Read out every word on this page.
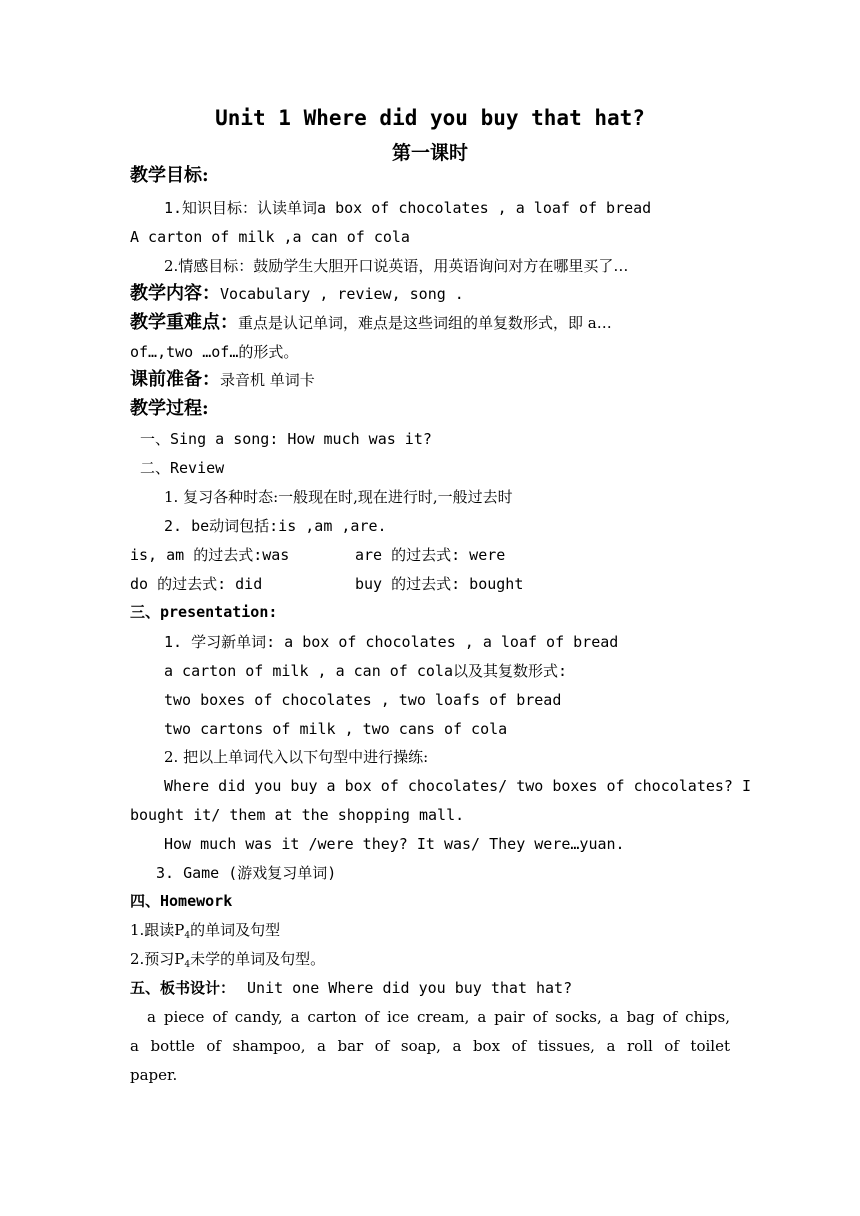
Unit 1 Where did you buy that hat?
第一课时
教学目标:
1.知识目标：认读单词a box of chocolates , a loaf of bread
A carton of milk ,a can of cola
2.情感目标：鼓励学生大胆开口说英语，用英语询问对方在哪里买了…
教学内容：Vocabulary , review, song .
教学重难点：重点是认记单词，难点是这些词组的单复数形式，即 a…
of…,two …of…的形式。
课前准备：录音机 单词卡
教学过程:
一、Sing a song: How much was it?
二、Review
1. 复习各种时态:一般现在时,现在进行时,一般过去时
2. be动词包括:is ,am ,are.
is, am 的过去式:was	are 的过去式: were
do 的过去式: did	buy 的过去式: bought
三、presentation:
1. 学习新单词: a box of chocolates , a loaf of bread
a carton of milk , a can of cola以及其复数形式:
two boxes of chocolates , two loafs of bread
two cartons of milk , two cans of cola
2. 把以上单词代入以下句型中进行操练:
Where did you buy a box of chocolates/ two boxes of chocolates? I
bought it/ them at the shopping mall.
How much was it /were they? It was/ They were…yuan.
3. Game (游戏复习单词)
四、Homework
1.跟读$P_4$的单词及句型
2.预习$P_4$未学的单词及句型。
五、板书设计： Unit one Where did you buy that hat?
a piece of candy, a carton of ice cream, a pair of socks, a bag of chips,
a bottle of shampoo, a bar of soap, a box of tissues, a roll of toilet
paper.
